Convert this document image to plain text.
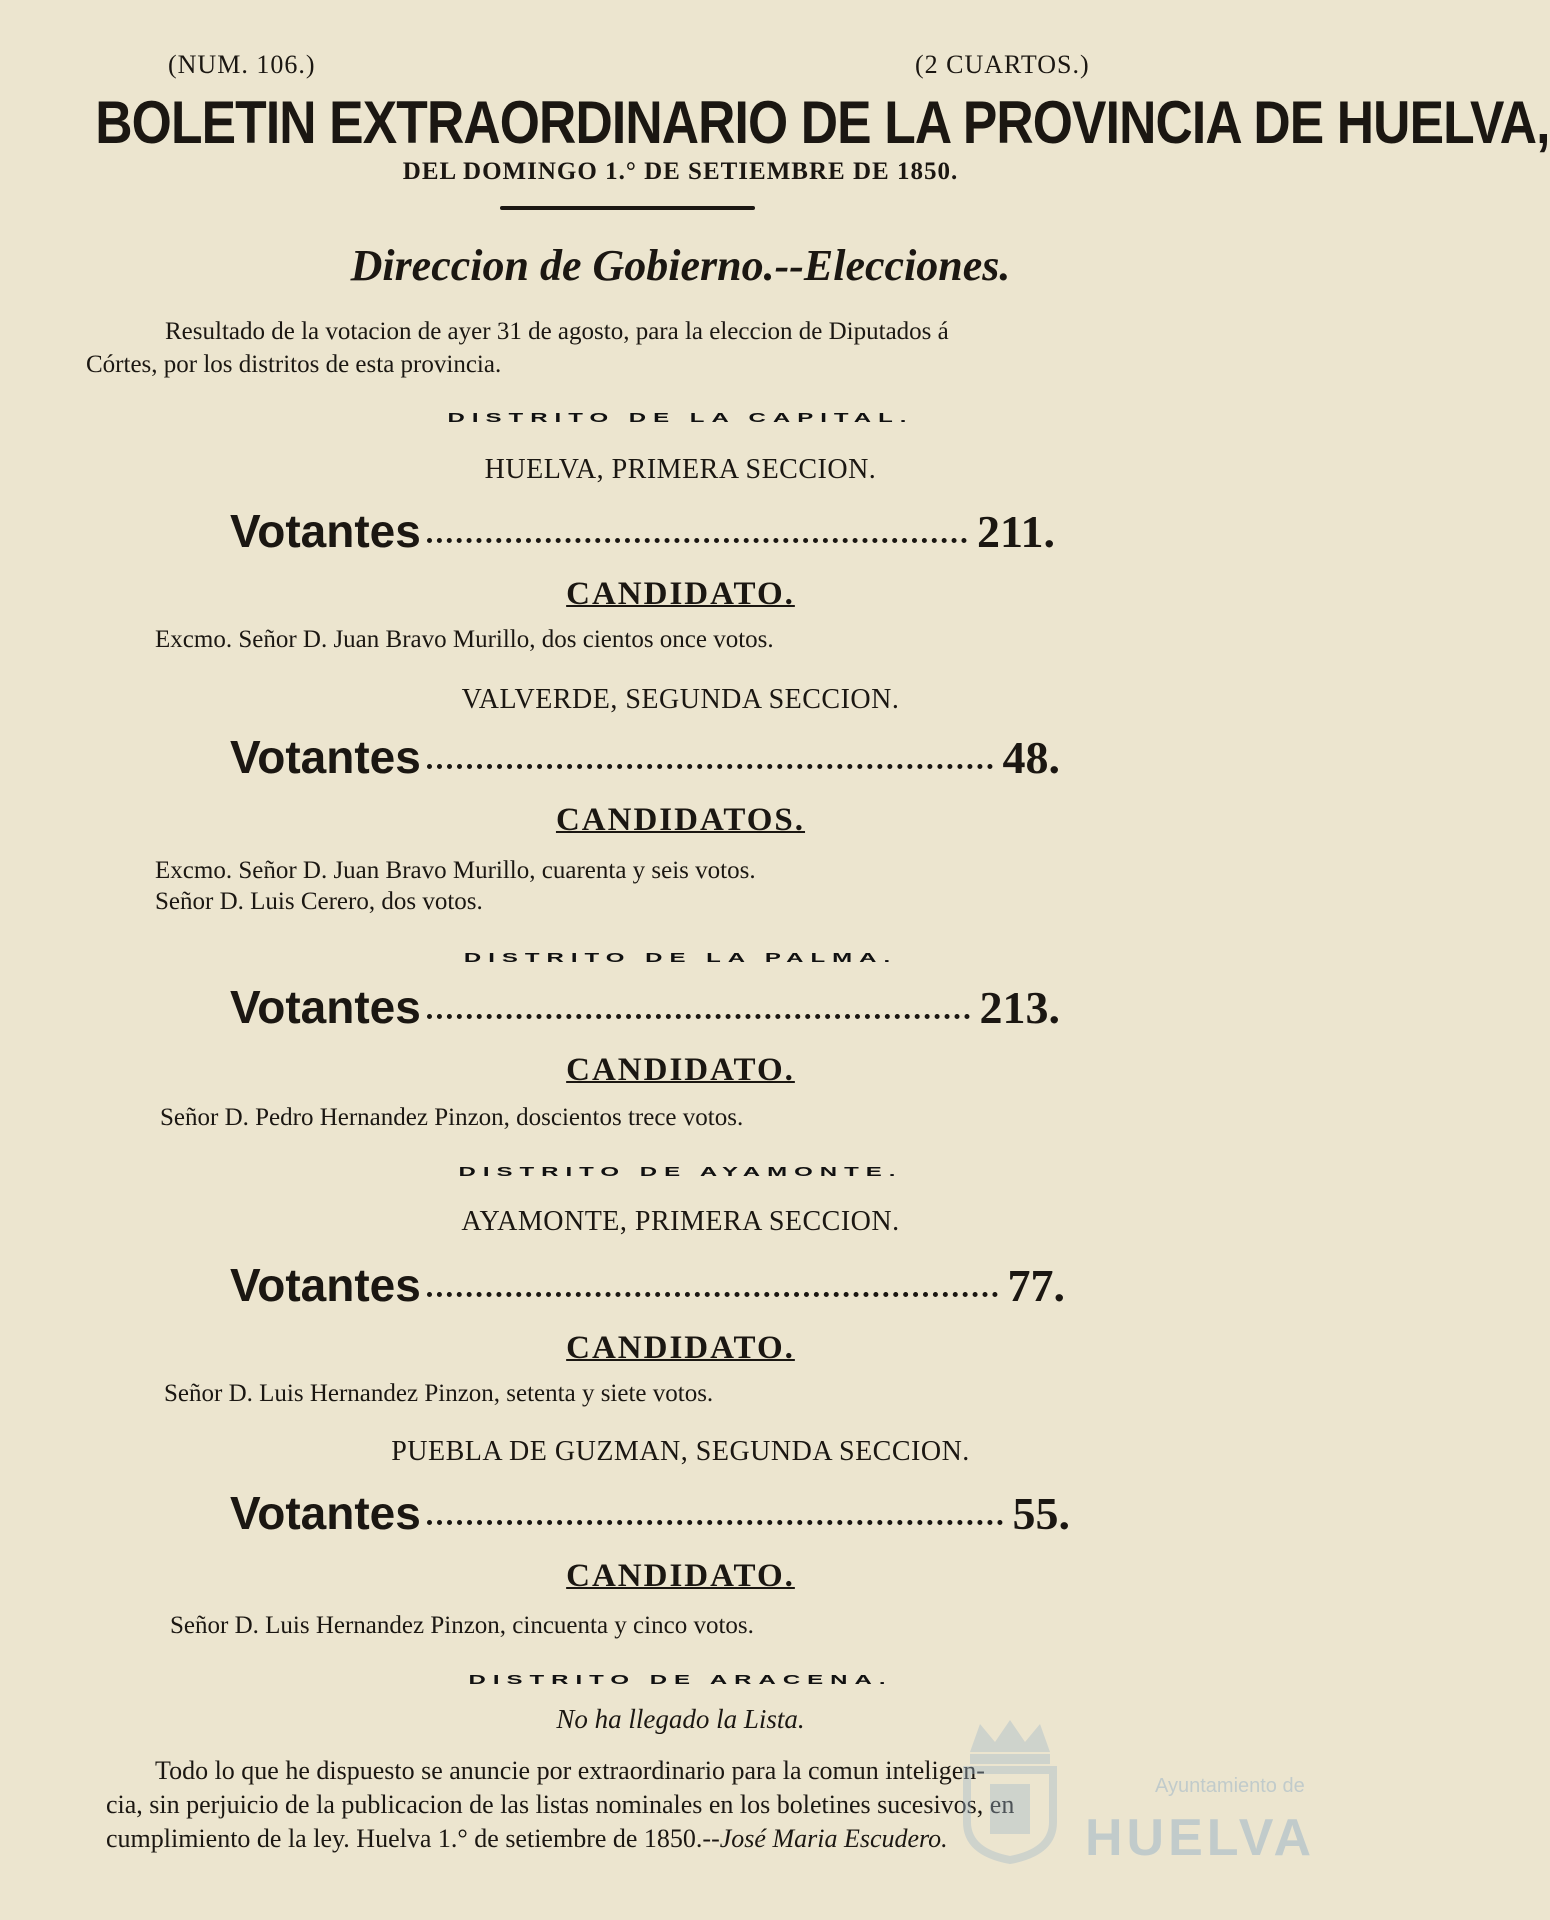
(NUM. 106.)	(2 CUARTOS.)
BOLETIN EXTRAORDINARIO DE LA PROVINCIA DE HUELVA,
DEL DOMINGO 1.° DE SETIEMBRE DE 1850.
Direccion de Gobierno.--Elecciones.
Resultado de la votacion de ayer 31 de agosto, para la eleccion de Diputados á
Córtes, por los distritos de esta provincia.
DISTRITO DE LA CAPITAL.
HUELVA, PRIMERA SECCION.
Votantes	211.
CANDIDATO.
Excmo. Señor D. Juan Bravo Murillo, dos cientos once votos.
VALVERDE, SEGUNDA SECCION.
Votantes	48.
CANDIDATOS.
Excmo. Señor D. Juan Bravo Murillo, cuarenta y seis votos.
Señor D. Luis Cerero, dos votos.
DISTRITO DE LA PALMA.
Votantes	213.
CANDIDATO.
Señor D. Pedro Hernandez Pinzon, doscientos trece votos.
DISTRITO DE AYAMONTE.
AYAMONTE, PRIMERA SECCION.
Votantes	77.
CANDIDATO.
Señor D. Luis Hernandez Pinzon, setenta y siete votos.
PUEBLA DE GUZMAN, SEGUNDA SECCION.
Votantes	55.
CANDIDATO.
Señor D. Luis Hernandez Pinzon, cincuenta y cinco votos.
DISTRITO DE ARACENA.
No ha llegado la Lista.
Todo lo que he dispuesto se anuncie por extraordinario para la comun inteligen-
cia, sin perjuicio de la publicacion de las listas nominales en los boletines sucesivos, en
cumplimiento de la ley. Huelva 1.° de setiembre de 1850.--José Maria Escudero.
Ayuntamiento de
HUELVA
